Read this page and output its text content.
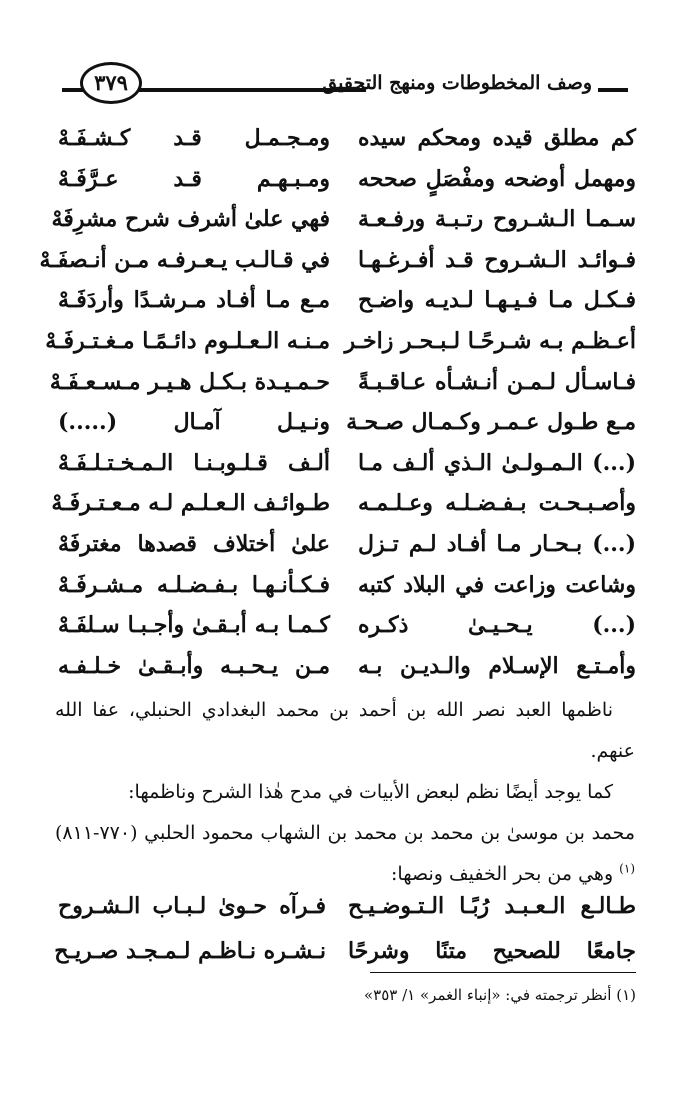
وصف المخطوطات ومنهج التحقيق
٣٧٩
كم مطلق قيده ومحكم سيده
ومـجـمـل قـد كـشـفَـهْ
ومهمل أوضحه ومفْصَلٍ صححه
ومـبـهـم قـد عـرَّفَـهْ
سـمـا الـشـروح رتـبـة ورفـعـة
فهي علىٰ أشرف شرح مشرِفَهْ
فـوائـد الـشـروح قـد أفـرغـهـا
في قـالـب يـعـرفـه مـن أنـصفَـهْ
فـكـل مـا فـيـهـا لـديـه واضـح
مـع مـا أفـاد مـرشـدًا وأردَفَـهْ
أعـظـم بـه شـرحًـا لـبـحـر زاخـر
مـنـه الـعـلـوم دائـمًـا مـغـتـرفَـهْ
فـاسـأل لـمـن أنـشـأه عـاقـبـةً
حـمـيـدة بـكـل هـيـر مـسـعـفَـهْ
مـع طـول عـمـر وكـمـال صـحـة
ونـيـل آمـال (.....)
(...) الـمـولـىٰ الـذي ألـف مـا
ألـف قـلـوبـنـا الـمـخـتـلـفَـهْ
وأصـبـحـت بـفـضـلـه وعـلـمـه
طـوائـف الـعـلـم لـه مـعـتـرفَـهْ
(...) بـحـار مـا أفـاد لـم تـزل
علىٰ أختلاف قصدها مغترفَهْ
وشاعت وزاعت في البلاد كتبه
فـكـأنـهـا بـفـضـلـه مـشـرفَـهْ
(...) يـحـيـىٰ ذكـره
كـمـا بـه أبـقـىٰ وأجـبـا سـلفَـهْ
وأمـتـع الإسـلام والـديـن بـه
مـن يـحـبـه وأبـقـىٰ خـلـفـه

ناظمها العبد نصر الله بن أحمد بن محمد البغدادي الحنبلي، عفا الله عنهم.

كما يوجد أيضًا نظم لبعض الأبيات في مدح هٰذا الشرح وناظمها:

محمد بن موسىٰ بن محمد بن محمد بن الشهاب محمود الحلبي (٧٧٠-٨١١)$^{(١)}$ وهي من بحر الخفيف ونصها:

طـالـع الـعـبـد رُبًـا الـتـوضـيـح
فـرآه حـوىٰ لـبـاب الـشـروح
جامعًا للصحيح متنًا وشرحًا
نـشـره نـاظـم لـمـجـد صـريـح
(١) أنظر ترجمته في: «إنباء الغمر» ١/ ٣٥٣»
